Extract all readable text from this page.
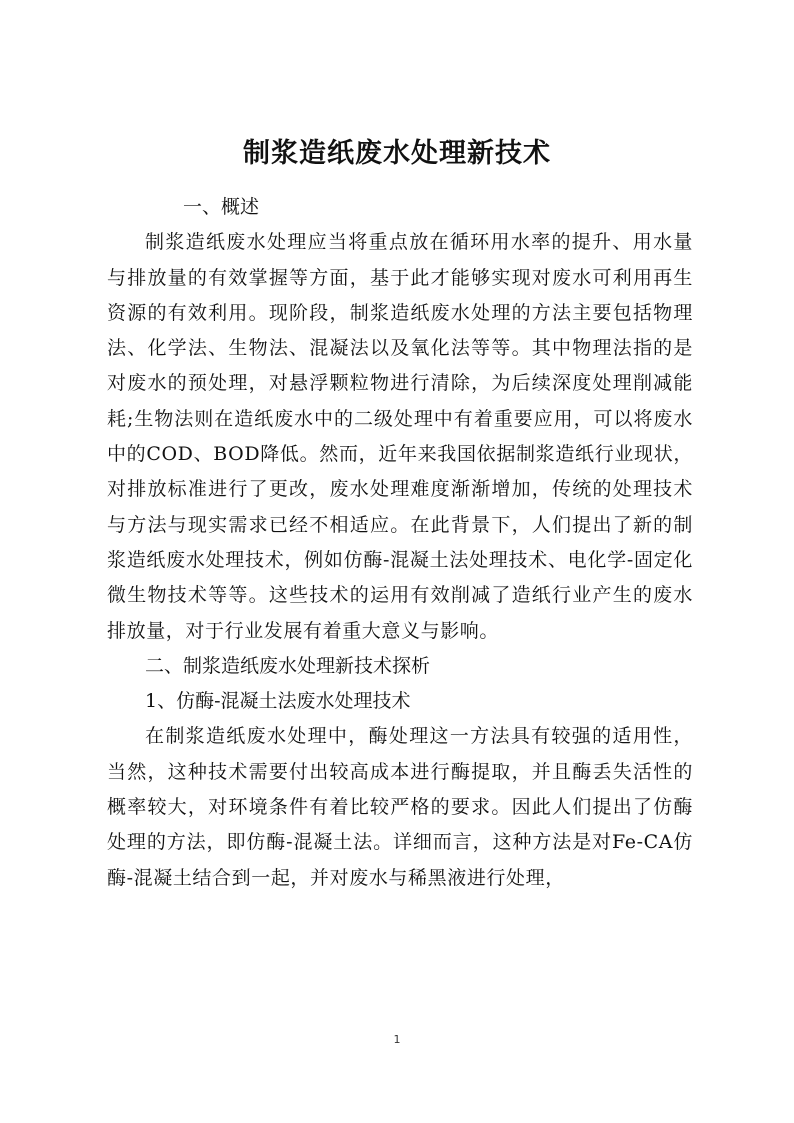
制浆造纸废水处理新技术

一、概述

制浆造纸废水处理应当将重点放在循环用水率的提升、用水量与排放量的有效掌握等方面，基于此才能够实现对废水可利用再生资源的有效利用。现阶段，制浆造纸废水处理的方法主要包括物理法、化学法、生物法、混凝法以及氧化法等等。其中物理法指的是对废水的预处理，对悬浮颗粒物进行清除，为后续深度处理削减能耗;生物法则在造纸废水中的二级处理中有着重要应用，可以将废水中的COD、BOD降低。然而，近年来我国依据制浆造纸行业现状，对排放标准进行了更改，废水处理难度渐渐增加，传统的处理技术与方法与现实需求已经不相适应。在此背景下，人们提出了新的制浆造纸废水处理技术，例如仿酶-混凝土法处理技术、电化学-固定化微生物技术等等。这些技术的运用有效削减了造纸行业产生的废水排放量，对于行业发展有着重大意义与影响。

二、制浆造纸废水处理新技术探析

1、仿酶-混凝土法废水处理技术

在制浆造纸废水处理中，酶处理这一方法具有较强的适用性，当然，这种技术需要付出较高成本进行酶提取，并且酶丢失活性的概率较大，对环境条件有着比较严格的要求。因此人们提出了仿酶处理的方法，即仿酶-混凝土法。详细而言，这种方法是对Fe-CA仿酶-混凝土结合到一起，并对废水与稀黑液进行处理，

1
